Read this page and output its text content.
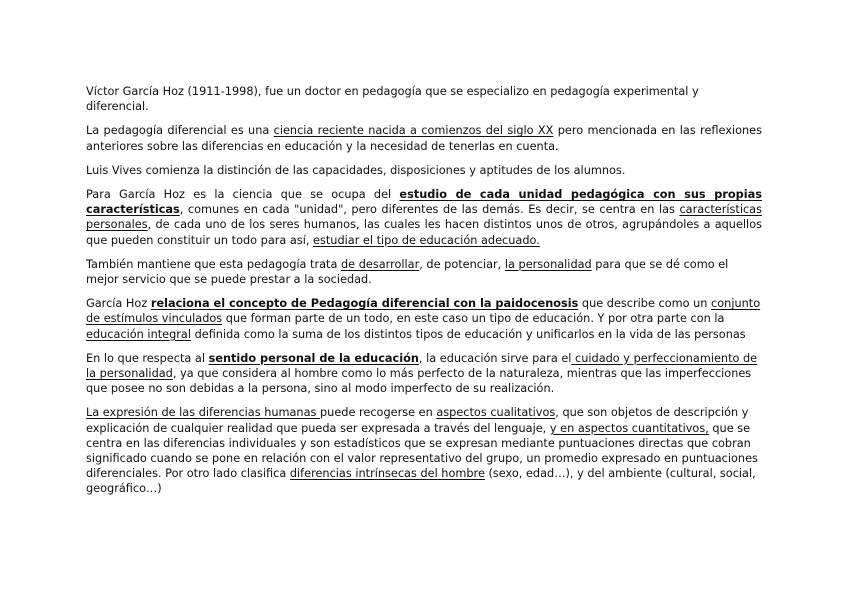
Víctor García Hoz (1911-1998), fue un doctor en pedagogía que se especializo en pedagogía experimental y diferencial.

La pedagogía diferencial es una ciencia reciente nacida a comienzos del siglo XX pero mencionada en las reflexiones anteriores sobre las diferencias en educación y la necesidad de tenerlas en cuenta.

Luis Vives comienza la distinción de las capacidades, disposiciones y aptitudes de los alumnos.

Para García Hoz es la ciencia que se ocupa del estudio de cada unidad pedagógica con sus propias características, comunes en cada "unidad", pero diferentes de las demás. Es decir, se centra en las características personales, de cada uno de los seres humanos, las cuales les hacen distintos unos de otros, agrupándoles a aquellos que pueden constituir un todo para así, estudiar el tipo de educación adecuado.

También mantiene que esta pedagogía trata de desarrollar, de potenciar, la personalidad para que se dé como el mejor servicio que se puede prestar a la sociedad.

García Hoz relaciona el concepto de Pedagogía diferencial con la paidocenosis que describe como un conjunto de estímulos vinculados que forman parte de un todo, en este caso un tipo de educación. Y por otra parte con la educación integral definida como la suma de los distintos tipos de educación y unificarlos en la vida de las personas

En lo que respecta al sentido personal de la educación, la educación sirve para el cuidado y perfeccionamiento de la personalidad, ya que considera al hombre como lo más perfecto de la naturaleza, mientras que las imperfecciones que posee no son debidas a la persona, sino al modo imperfecto de su realización.

La expresión de las diferencias humanas puede recogerse en aspectos cualitativos, que son objetos de descripción y explicación de cualquier realidad que pueda ser expresada a través del lenguaje, y en aspectos cuantitativos, que se centra en las diferencias individuales y son estadísticos que se expresan mediante puntuaciones directas que cobran significado cuando se pone en relación con el valor representativo del grupo, un promedio expresado en puntuaciones diferenciales. Por otro lado clasifica diferencias intrínsecas del hombre (sexo, edad…), y del ambiente (cultural, social, geográfico…)
